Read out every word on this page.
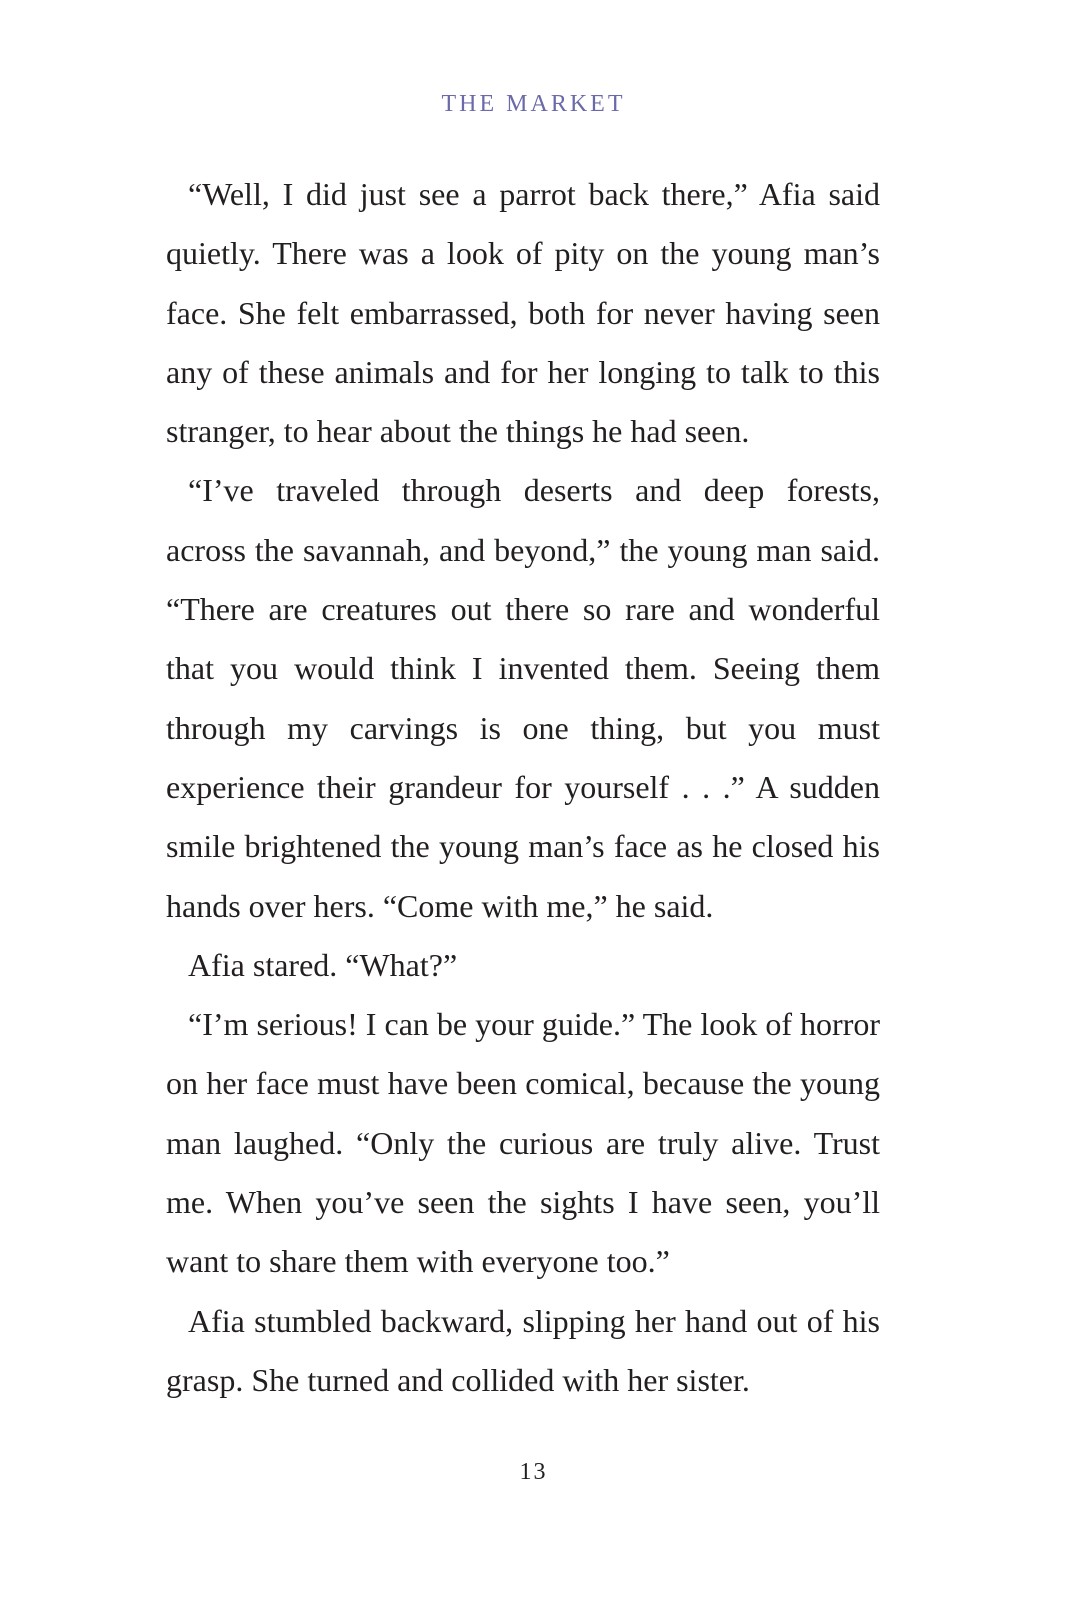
THE MARKET

“Well, I did just see a parrot back there,” Afia said quietly. There was a look of pity on the young man’s face. She felt embarrassed, both for never having seen any of these animals and for her longing to talk to this stranger, to hear about the things he had seen.

“I’ve traveled through deserts and deep forests, across the savannah, and beyond,” the young man said. “There are creatures out there so rare and wonderful that you would think I invented them. Seeing them through my carvings is one thing, but you must experience their grandeur for yourself . . .” A sudden smile brightened the young man’s face as he closed his hands over hers. “Come with me,” he said.

Afia stared. “What?”

“I’m serious! I can be your guide.” The look of horror on her face must have been comical, because the young man laughed. “Only the curious are truly alive. Trust me. When you’ve seen the sights I have seen, you’ll want to share them with everyone too.”

Afia stumbled backward, slipping her hand out of his grasp. She turned and collided with her sister.

13
